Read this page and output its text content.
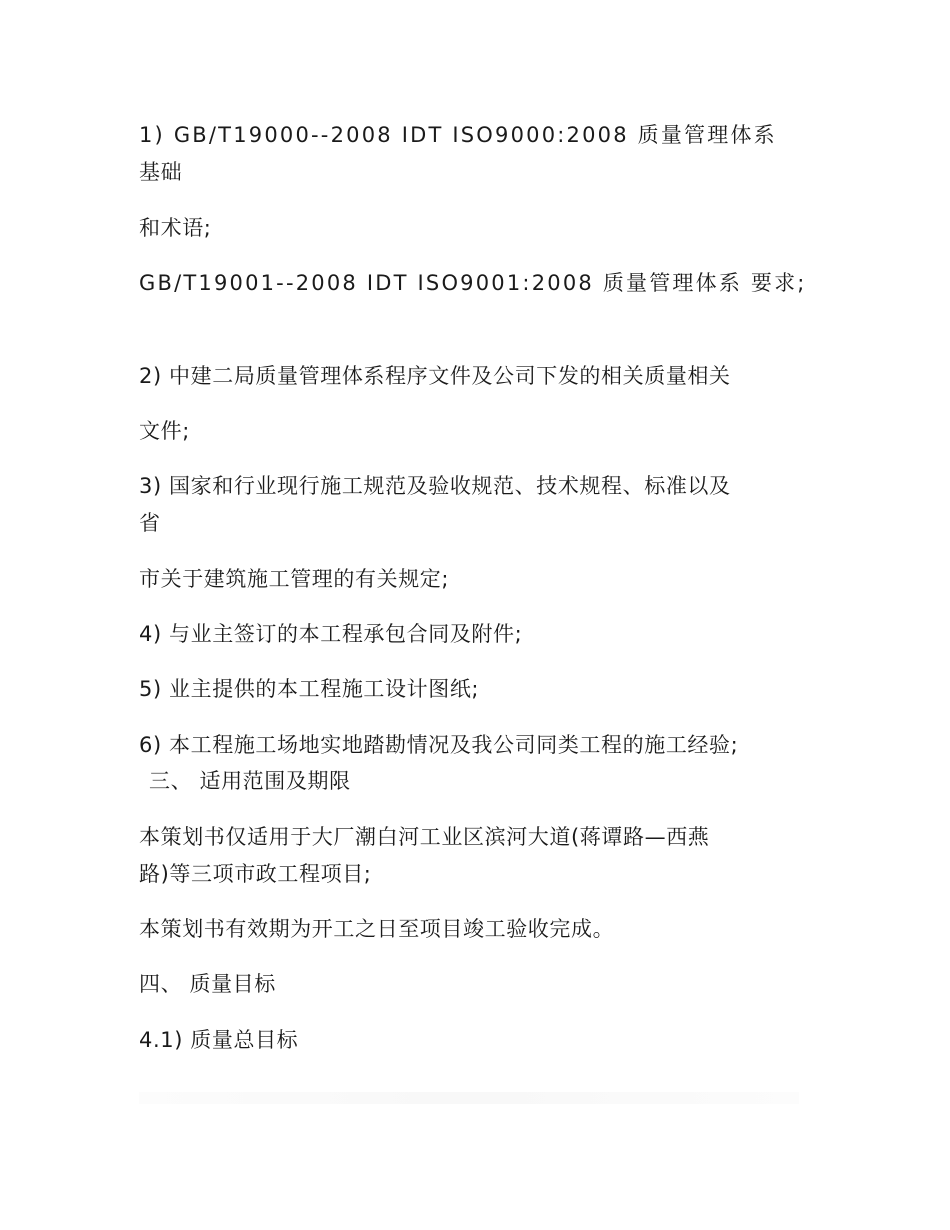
1) GB/T19000--2008 IDT ISO9000:2008 质量管理体系
基础
和术语;
GB/T19001--2008 IDT ISO9001:2008 质量管理体系 要求;
2) 中建二局质量管理体系程序文件及公司下发的相关质量相关
文件;
3) 国家和行业现行施工规范及验收规范、技术规程、标准以及
省
市关于建筑施工管理的有关规定;
4) 与业主签订的本工程承包合同及附件;
5) 业主提供的本工程施工设计图纸;
6) 本工程施工场地实地踏勘情况及我公司同类工程的施工经验;
三、 适用范围及期限
本策划书仅适用于大厂潮白河工业区滨河大道(蒋谭路—西燕
路)等三项市政工程项目;
本策划书有效期为开工之日至项目竣工验收完成。
四、 质量目标
4.1) 质量总目标
